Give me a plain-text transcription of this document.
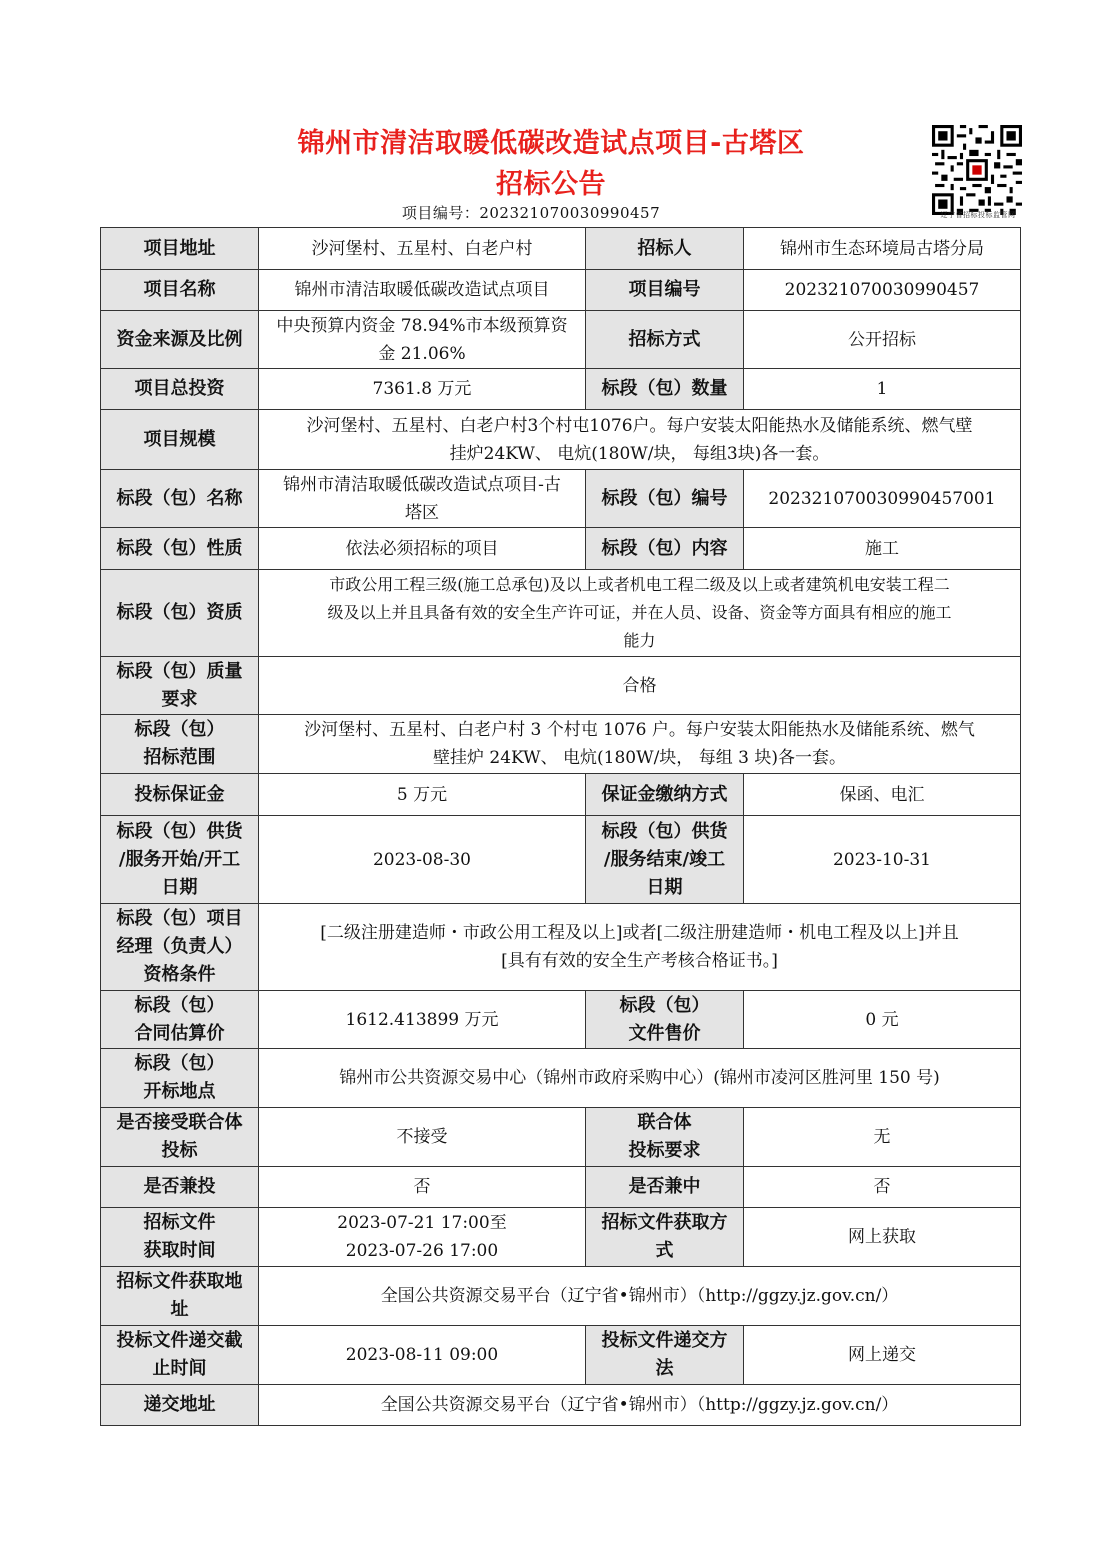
锦州市清洁取暖低碳改造试点项目-古塔区
招标公告
项目编号：202321070030990457	辽宁省招标投标监管网
项目地址	沙河堡村、五星村、白老户村	招标人	锦州市生态环境局古塔分局
项目名称	锦州市清洁取暖低碳改造试点项目	项目编号	202321070030990457
资金来源及比例	中央预算内资金 78.94%市本级预算资
金 21.06%	招标方式	公开招标
项目总投资	7361.8 万元	标段（包）数量	1
项目规模	沙河堡村、五星村、白老户村3个村屯1076户。每户安装太阳能热水及储能系统、燃气壁
挂炉24KW、 电炕(180W/块， 每组3块)各一套。		
标段（包）名称	锦州市清洁取暖低碳改造试点项目-古
塔区	标段（包）编号	202321070030990457001
标段（包）性质	依法必须招标的项目	标段（包）内容	施工
标段（包）资质	市政公用工程三级(施工总承包)及以上或者机电工程二级及以上或者建筑机电安装工程二
级及以上并且具备有效的安全生产许可证，并在人员、设备、资金等方面具有相应的施工
能力		
标段（包）质量
要求	合格		
标段（包）
招标范围	沙河堡村、五星村、白老户村 3 个村屯 1076 户。每户安装太阳能热水及储能系统、燃气
壁挂炉 24KW、 电炕(180W/块， 每组 3 块)各一套。		
投标保证金	5 万元	保证金缴纳方式	保函、电汇
标段（包）供货
/服务开始/开工
日期	2023-08-30	标段（包）供货
/服务结束/竣工
日期	2023-10-31
标段（包）项目
经理（负责人）
资格条件	[二级注册建造师・市政公用工程及以上]或者[二级注册建造师・机电工程及以上]并且
[具有有效的安全生产考核合格证书。]		
标段（包）
合同估算价	1612.413899 万元	标段（包）
文件售价	0 元
标段（包）
开标地点	锦州市公共资源交易中心（锦州市政府采购中心）(锦州市凌河区胜河里 150 号)		
是否接受联合体
投标	不接受	联合体
投标要求	无
是否兼投	否	是否兼中	否
招标文件
获取时间	2023-07-21 17:00至
2023-07-26 17:00	招标文件获取方
式	网上获取
招标文件获取地
址	全国公共资源交易平台（辽宁省•锦州市）（http://ggzy.jz.gov.cn/）		
投标文件递交截
止时间	2023-08-11 09:00	投标文件递交方
法	网上递交
递交地址	全国公共资源交易平台（辽宁省•锦州市）（http://ggzy.jz.gov.cn/）		
